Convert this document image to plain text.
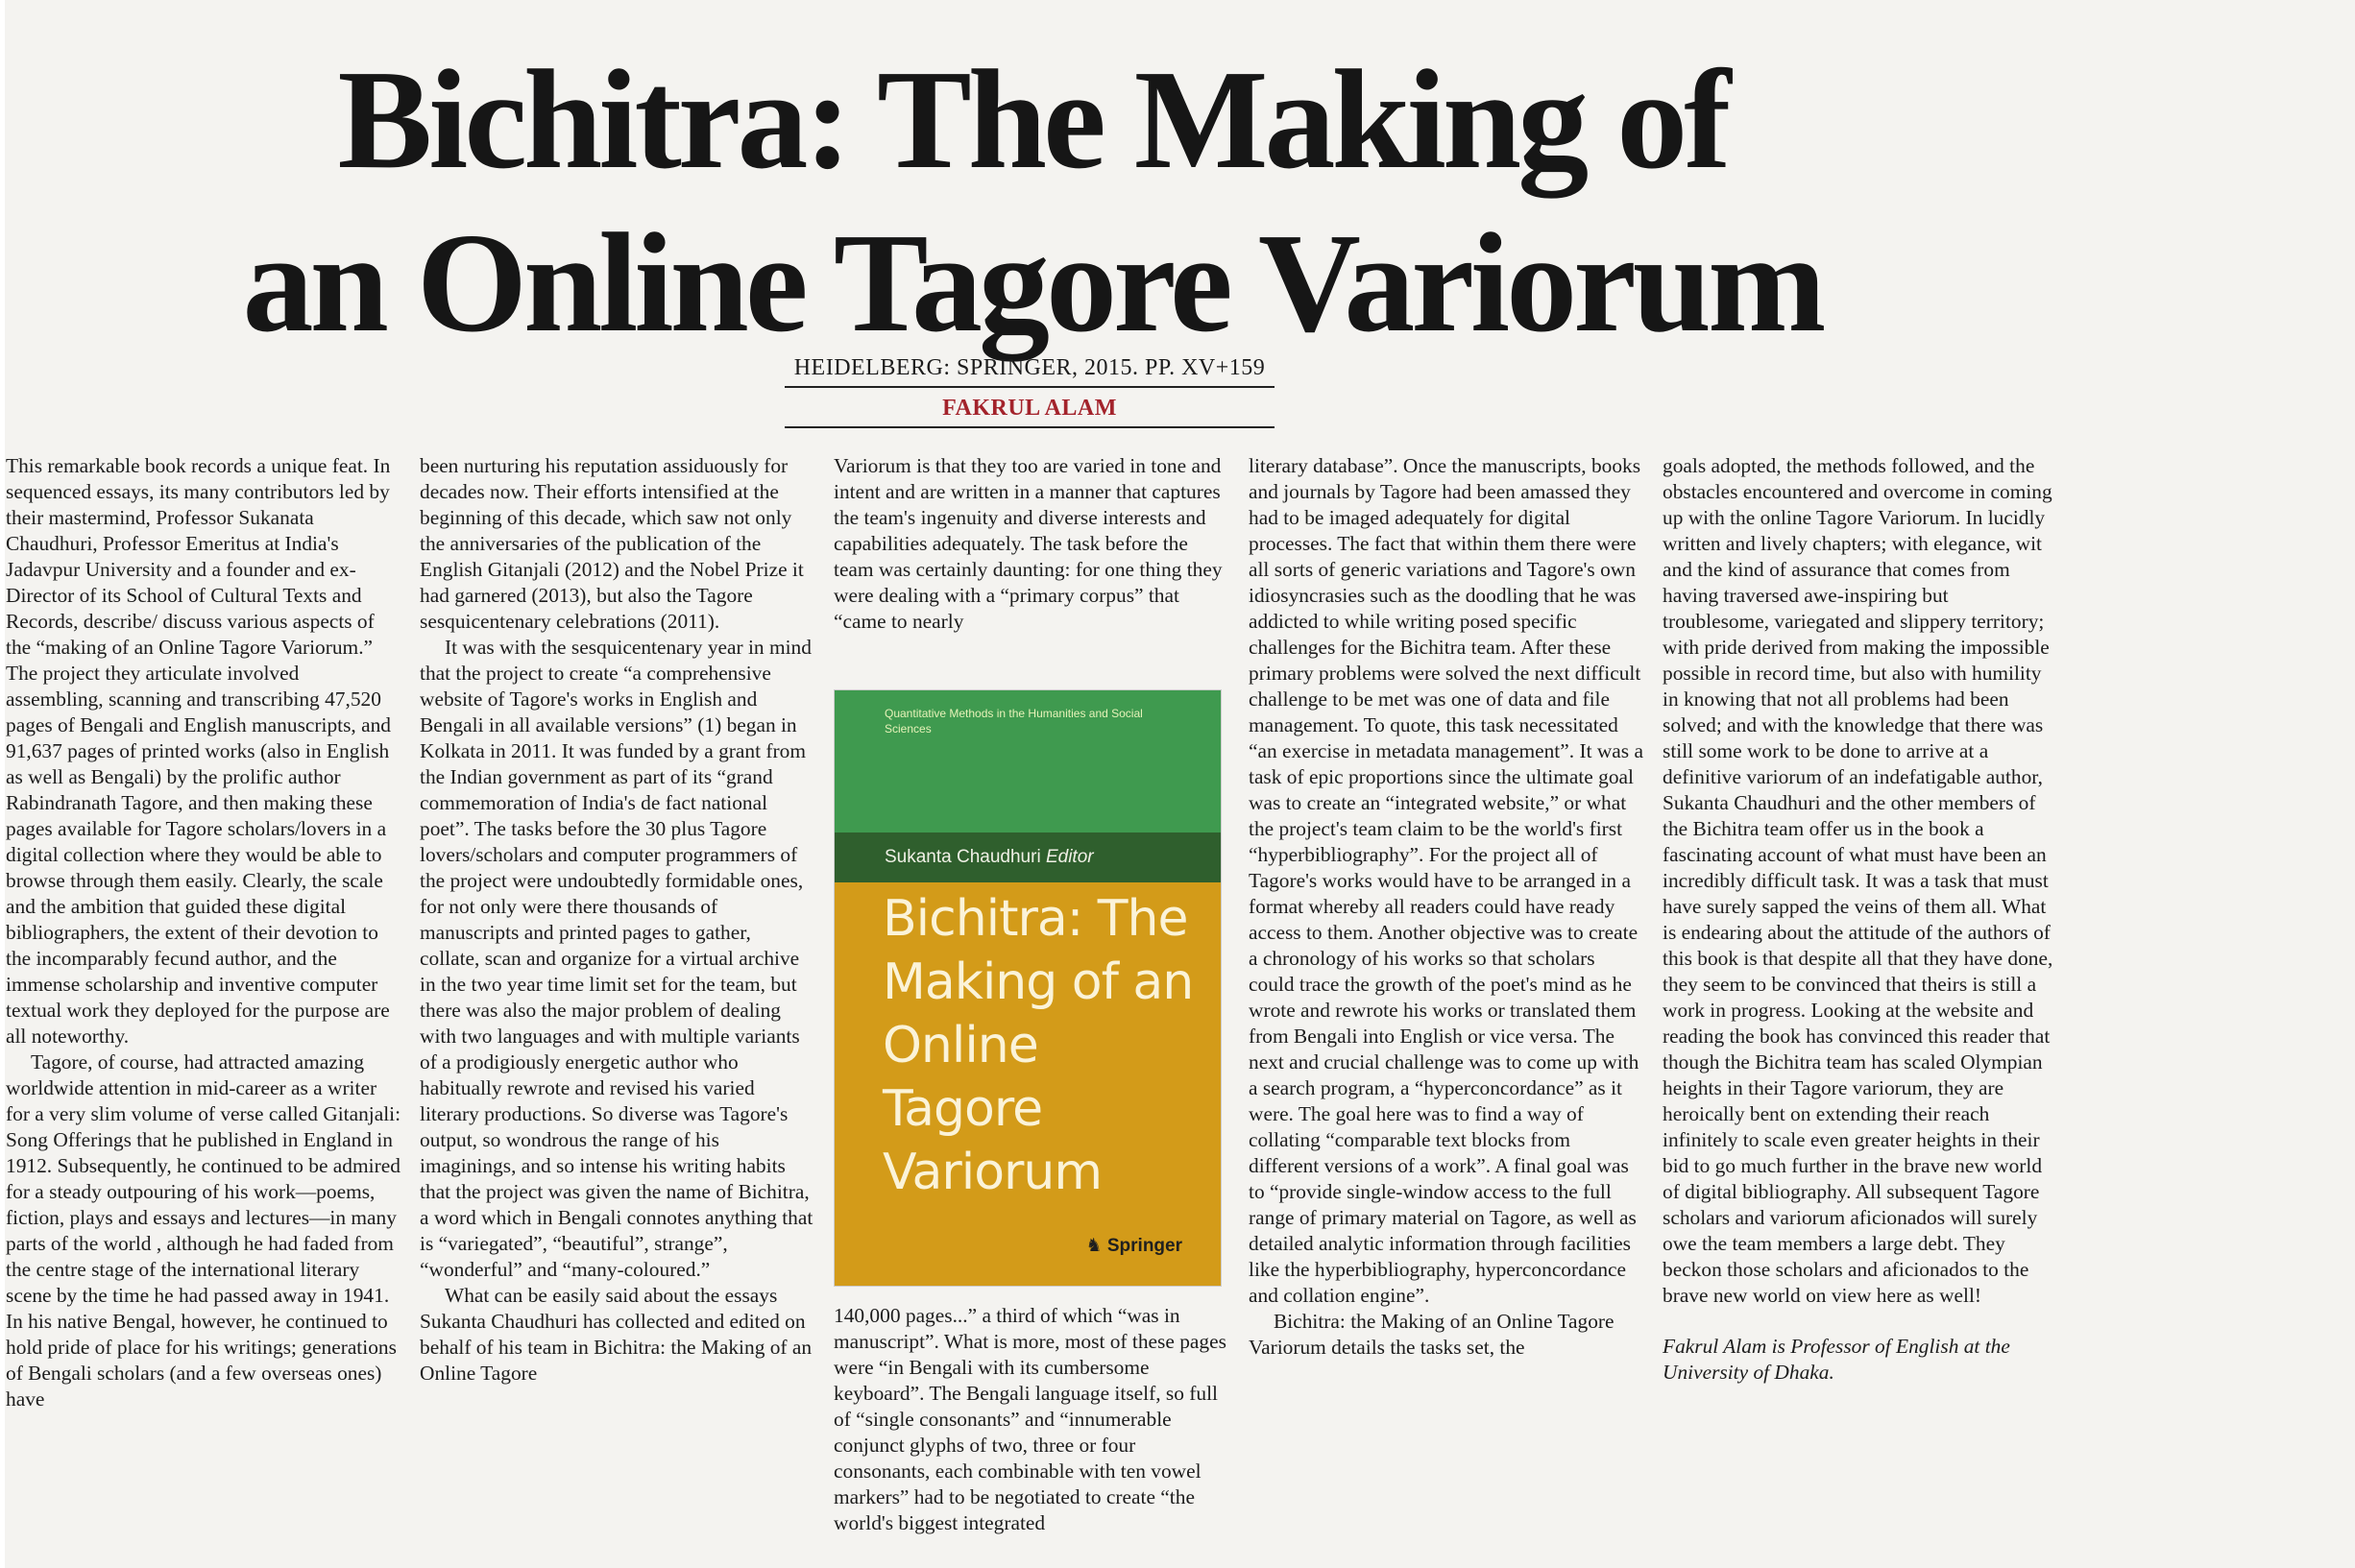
Bichitra: The Making of
an Online Tagore Variorum
HEIDELBERG: SPRINGER, 2015. PP. XV+159
FAKRUL ALAM

This remarkable book records a unique feat. In sequenced essays, its many contributors led by their mastermind, Professor Sukanata Chaudhuri, Professor Emeritus at India's Jadavpur University and a founder and ex-Director of its School of Cultural Texts and Records, describe/ discuss various aspects of the “making of an Online Tagore Variorum.” The project they articulate involved assembling, scanning and transcribing 47,520 pages of Bengali and English manuscripts, and 91,637 pages of printed works (also in English as well as Bengali) by the prolific author Rabindranath Tagore, and then making these pages available for Tagore scholars/lovers in a digital collection where they would be able to browse through them easily. Clearly, the scale and the ambition that guided these digital bibliographers, the extent of their devotion to the incomparably fecund author, and the immense scholarship and inventive computer textual work they deployed for the purpose are all noteworthy.

Tagore, of course, had attracted amazing worldwide attention in mid-career as a writer for a very slim volume of verse called Gitanjali: Song Offerings that he published in England in 1912. Subsequently, he continued to be admired for a steady outpouring of his work—poems, fiction, plays and essays and lectures—in many parts of the world , although he had faded from the centre stage of the international literary scene by the time he had passed away in 1941. In his native Bengal, however, he continued to hold pride of place for his writings; generations of Bengali scholars (and a few overseas ones) have

been nurturing his reputation assiduously for decades now. Their efforts intensified at the beginning of this decade, which saw not only the anniversaries of the publication of the English Gitanjali (2012) and the Nobel Prize it had garnered (2013), but also the Tagore sesquicentenary celebrations (2011).

It was with the sesquicentenary year in mind that the project to create “a comprehensive website of Tagore's works in English and Bengali in all available versions” (1) began in Kolkata in 2011. It was funded by a grant from the Indian government as part of its “grand commemoration of India's de fact national poet”. The tasks before the 30 plus Tagore lovers/scholars and computer programmers of the project were undoubtedly formidable ones, for not only were there thousands of manuscripts and printed pages to gather, collate, scan and organize for a virtual archive in the two year time limit set for the team, but there was also the major problem of dealing with two languages and with multiple variants of a prodigiously energetic author who habitually rewrote and revised his varied literary productions. So diverse was Tagore's output, so wondrous the range of his imaginings, and so intense his writing habits that the project was given the name of Bichitra, a word which in Bengali connotes anything that is “variegated”, “beautiful”, strange”, “wonderful” and “many-coloured.”

What can be easily said about the essays Sukanta Chaudhuri has collected and edited on behalf of his team in Bichitra: the Making of an Online Tagore

Variorum is that they too are varied in tone and intent and are written in a manner that captures the team's ingenuity and diverse interests and capabilities adequately. The task before the team was certainly daunting: for one thing they were dealing with a “primary corpus” that “came to nearly

Quantitative Methods in the Humanities and Social Sciences
Sukanta Chaudhuri Editor
Bichitra: The
Making of an
Online Tagore
Variorum
♞ Springer

140,000 pages...” a third of which “was in manuscript”. What is more, most of these pages were “in Bengali with its cumbersome keyboard”. The Bengali language itself, so full of “single consonants” and “innumerable conjunct glyphs of two, three or four consonants, each combinable with ten vowel markers” had to be negotiated to create “the world's biggest integrated

literary database”. Once the manuscripts, books and journals by Tagore had been amassed they had to be imaged adequately for digital processes. The fact that within them there were all sorts of generic variations and Tagore's own idiosyncrasies such as the doodling that he was addicted to while writing posed specific challenges for the Bichitra team. After these primary problems were solved the next difficult challenge to be met was one of data and file management. To quote, this task necessitated “an exercise in metadata management”. It was a task of epic proportions since the ultimate goal was to create an “integrated website,” or what the project's team claim to be the world's first “hyperbibliography”. For the project all of Tagore's works would have to be arranged in a format whereby all readers could have ready access to them. Another objective was to create a chronology of his works so that scholars could trace the growth of the poet's mind as he wrote and rewrote his works or translated them from Bengali into English or vice versa. The next and crucial challenge was to come up with a search program, a “hyperconcordance” as it were. The goal here was to find a way of collating “comparable text blocks from different versions of a work”. A final goal was to “provide single-window access to the full range of primary material on Tagore, as well as detailed analytic information through facilities like the hyperbibliography, hyperconcordance and collation engine”.

Bichitra: the Making of an Online Tagore Variorum details the tasks set, the

goals adopted, the methods followed, and the obstacles encountered and overcome in coming up with the online Tagore Variorum. In lucidly written and lively chapters; with elegance, wit and the kind of assurance that comes from having traversed awe-inspiring but troublesome, variegated and slippery territory; with pride derived from making the impossible possible in record time, but also with humility in knowing that not all problems had been solved; and with the knowledge that there was still some work to be done to arrive at a definitive variorum of an indefatigable author, Sukanta Chaudhuri and the other members of the Bichitra team offer us in the book a fascinating account of what must have been an incredibly difficult task. It was a task that must have surely sapped the veins of them all. What is endearing about the attitude of the authors of this book is that despite all that they have done, they seem to be convinced that theirs is still a work in progress. Looking at the website and reading the book has convinced this reader that though the Bichitra team has scaled Olympian heights in their Tagore variorum, they are heroically bent on extending their reach infinitely to scale even greater heights in their bid to go much further in the brave new world of digital bibliography. All subsequent Tagore scholars and variorum aficionados will surely owe the team members a large debt. They beckon those scholars and aficionados to the brave new world on view here as well!

Fakrul Alam is Professor of English at the University of Dhaka.
